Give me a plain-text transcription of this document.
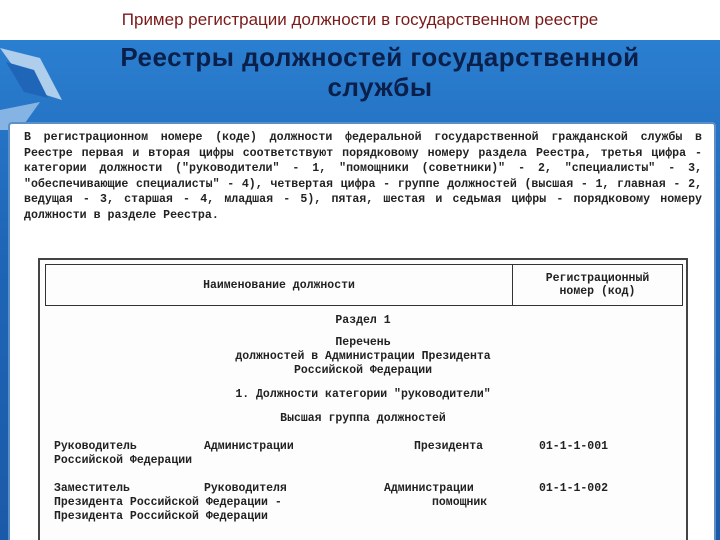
Пример регистрации должности в государственном реестре
Реестры должностей государственной
службы
В регистрационном номере (коде) должности федеральной государственной гражданской службы в Реестре первая и вторая цифры соответствуют порядковому номеру раздела Реестра, третья цифра - категории должности ("руководители" - 1, "помощники (советники)" - 2, "специалисты" - 3, "обеспечивающие специалисты" - 4), четвертая цифра - группе должностей (высшая - 1, главная - 2, ведущая - 3, старшая - 4, младшая - 5), пятая, шестая и седьмая цифры - порядковому номеру должности в разделе Реестра.
Наименование должности	Регистрационный
номер (код)
Раздел 1
Перечень
должностей в Администрации Президента
Российской Федерации
1. Должности категории "руководители"
Высшая группа должностей
Руководитель	Администрации	Президента	01-1-1-001
Российской Федерации
Заместитель	Руководителя	Администрации	01-1-1-002
Президента Российской Федерации -	помощник
Президента Российской Федерации
